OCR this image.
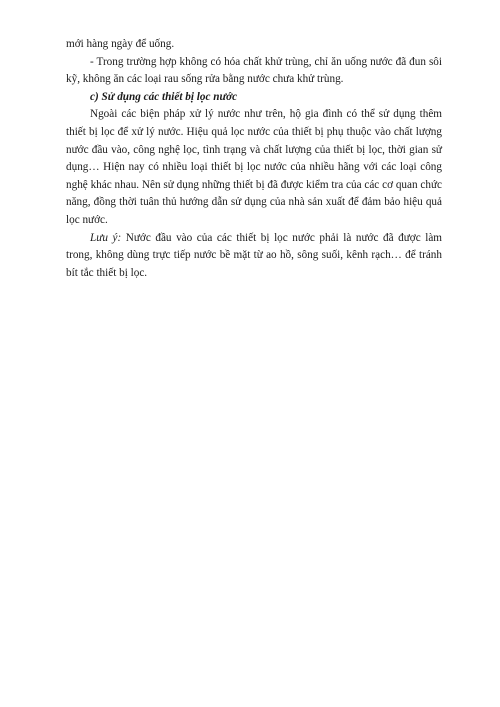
mới hàng ngày để uống.

- Trong trường hợp không có hóa chất khử trùng, chỉ ăn uống nước đã đun sôi kỹ, không ăn các loại rau sống rửa bằng nước chưa khử trùng.

c) Sử dụng các thiết bị lọc nước

Ngoài các biện pháp xử lý nước như trên, hộ gia đình có thể sử dụng thêm thiết bị lọc để xử lý nước. Hiệu quả lọc nước của thiết bị phụ thuộc vào chất lượng nước đầu vào, công nghệ lọc, tình trạng và chất lượng của thiết bị lọc, thời gian sử dụng… Hiện nay có nhiều loại thiết bị lọc nước của nhiều hãng với các loại công nghệ khác nhau. Nên sử dụng những thiết bị đã được kiểm tra của các cơ quan chức năng, đồng thời tuân thủ hướng dẫn sử dụng của nhà sản xuất để đảm bảo hiệu quả lọc nước.

Lưu ý: Nước đầu vào của các thiết bị lọc nước phải là nước đã được làm trong, không dùng trực tiếp nước bề mặt từ ao hồ, sông suối, kênh rạch… để tránh bít tắc thiết bị lọc.
